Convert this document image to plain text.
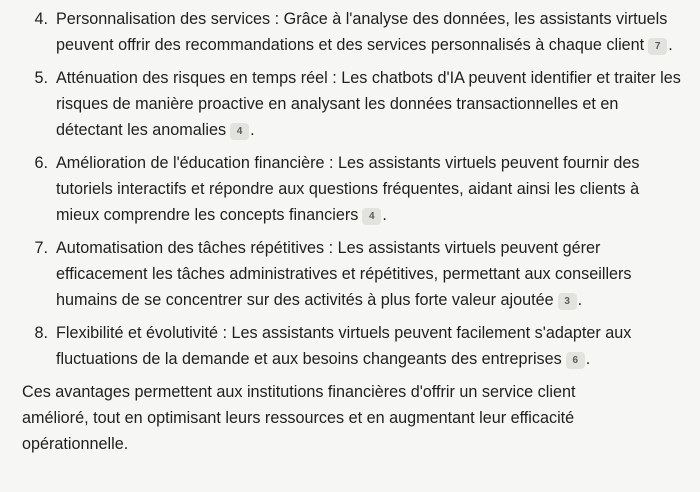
4. Personnalisation des services : Grâce à l'analyse des données, les assistants virtuels peuvent offrir des recommandations et des services personnalisés à chaque client 7 .
5. Atténuation des risques en temps réel : Les chatbots d'IA peuvent identifier et traiter les risques de manière proactive en analysant les données transactionnelles et en détectant les anomalies 4 .
6. Amélioration de l'éducation financière : Les assistants virtuels peuvent fournir des tutoriels interactifs et répondre aux questions fréquentes, aidant ainsi les clients à mieux comprendre les concepts financiers 4 .
7. Automatisation des tâches répétitives : Les assistants virtuels peuvent gérer efficacement les tâches administratives et répétitives, permettant aux conseillers humains de se concentrer sur des activités à plus forte valeur ajoutée 3 .
8. Flexibilité et évolutivité : Les assistants virtuels peuvent facilement s'adapter aux fluctuations de la demande et aux besoins changeants des entreprises 6 .

Ces avantages permettent aux institutions financières d'offrir un service client amélioré, tout en optimisant leurs ressources et en augmentant leur efficacité opérationnelle.
